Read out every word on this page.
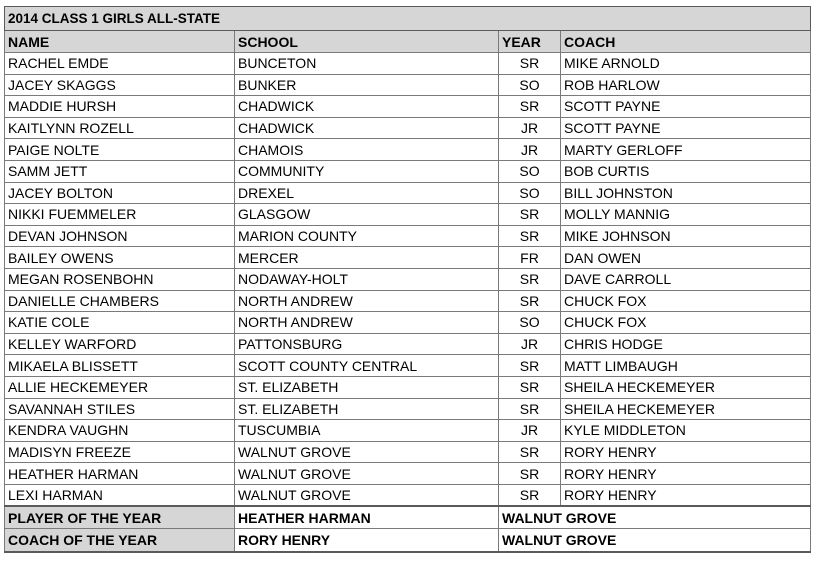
2014 CLASS 1 GIRLS ALL-STATE			
NAME	SCHOOL	YEAR	COACH
RACHEL EMDE	BUNCETON	SR	MIKE ARNOLD
JACEY SKAGGS	BUNKER	SO	ROB HARLOW
MADDIE HURSH	CHADWICK	SR	SCOTT PAYNE
KAITLYNN ROZELL	CHADWICK	JR	SCOTT PAYNE
PAIGE NOLTE	CHAMOIS	JR	MARTY GERLOFF
SAMM JETT	COMMUNITY	SO	BOB CURTIS
JACEY BOLTON	DREXEL	SO	BILL JOHNSTON
NIKKI FUEMMELER	GLASGOW	SR	MOLLY MANNIG
DEVAN JOHNSON	MARION COUNTY	SR	MIKE JOHNSON
BAILEY OWENS	MERCER	FR	DAN OWEN
MEGAN ROSENBOHN	NODAWAY-HOLT	SR	DAVE CARROLL
DANIELLE CHAMBERS	NORTH ANDREW	SR	CHUCK FOX
KATIE COLE	NORTH ANDREW	SO	CHUCK FOX
KELLEY WARFORD	PATTONSBURG	JR	CHRIS HODGE
MIKAELA BLISSETT	SCOTT COUNTY CENTRAL	SR	MATT LIMBAUGH
ALLIE HECKEMEYER	ST. ELIZABETH	SR	SHEILA HECKEMEYER
SAVANNAH STILES	ST. ELIZABETH	SR	SHEILA HECKEMEYER
KENDRA VAUGHN	TUSCUMBIA	JR	KYLE MIDDLETON
MADISYN FREEZE	WALNUT GROVE	SR	RORY HENRY
HEATHER HARMAN	WALNUT GROVE	SR	RORY HENRY
LEXI HARMAN	WALNUT GROVE	SR	RORY HENRY
PLAYER OF THE YEAR	HEATHER HARMAN	WALNUT GROVE	
COACH OF THE YEAR	RORY HENRY	WALNUT GROVE	
